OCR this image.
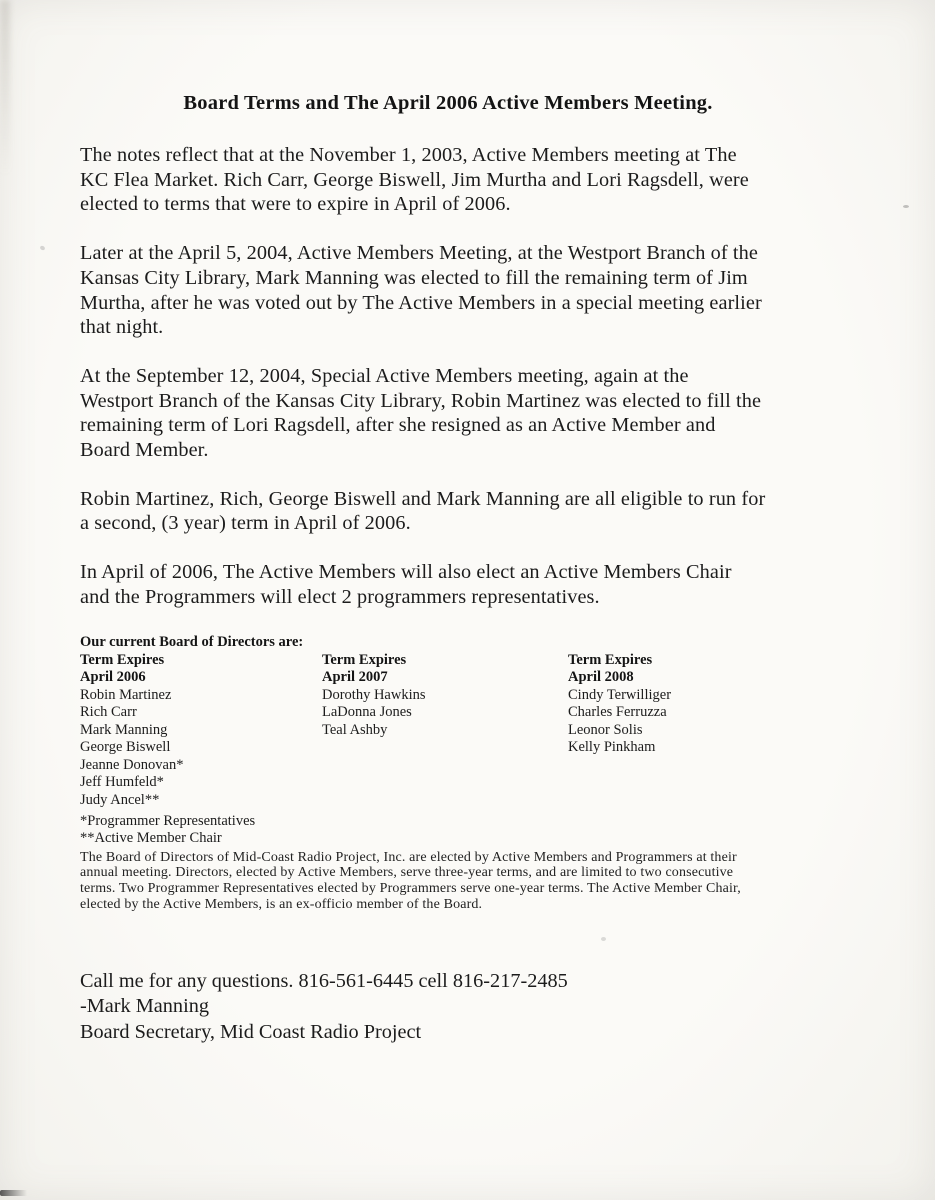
Board Terms and The April 2006 Active Members Meeting.
The notes reflect that at the November 1, 2003, Active Members meeting at The
KC Flea Market. Rich Carr, George Biswell, Jim Murtha and Lori Ragsdell, were
elected to terms that were to expire in April of 2006.
Later at the April 5, 2004, Active Members Meeting, at the Westport Branch of the
Kansas City Library, Mark Manning was elected to fill the remaining term of Jim
Murtha, after he was voted out by The Active Members in a special meeting earlier
that night.
At the September 12, 2004, Special Active Members meeting, again at the
Westport Branch of the Kansas City Library, Robin Martinez was elected to fill the
remaining term of Lori Ragsdell, after she resigned as an Active Member and
Board Member.
Robin Martinez, Rich, George Biswell and Mark Manning are all eligible to run for
a second, (3 year) term in April of 2006.
In April of 2006, The Active Members will also elect an Active Members Chair
and the Programmers will elect 2 programmers representatives.
Our current Board of Directors are:
Term Expires
April 2006
Robin Martinez
Rich Carr
Mark Manning
George Biswell
Jeanne Donovan*
Jeff Humfeld*
Judy Ancel**
Term Expires
April 2007
Dorothy Hawkins
LaDonna Jones
Teal Ashby
Term Expires
April 2008
Cindy Terwilliger
Charles Ferruzza
Leonor Solis
Kelly Pinkham
*Programmer Representatives
**Active Member Chair
The Board of Directors of Mid-Coast Radio Project, Inc. are elected by Active Members and Programmers at their
annual meeting. Directors, elected by Active Members, serve three-year terms, and are limited to two consecutive
terms. Two Programmer Representatives elected by Programmers serve one-year terms. The Active Member Chair,
elected by the Active Members, is an ex-officio member of the Board.
Call me for any questions. 816-561-6445 cell 816-217-2485
-Mark Manning
Board Secretary, Mid Coast Radio Project
